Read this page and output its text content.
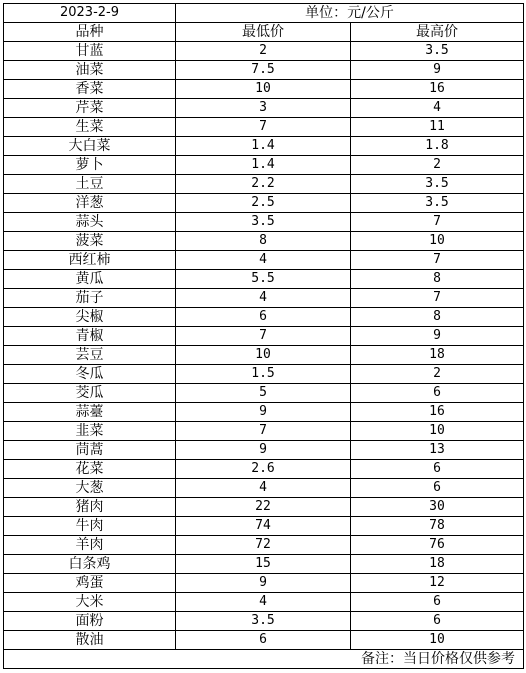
2023-2-9	单位：元/公斤	
品种	最低价	最高价
甘蓝	2	3.5
油菜	7.5	9
香菜	10	16
芹菜	3	4
生菜	7	11
大白菜	1.4	1.8
萝卜	1.4	2
土豆	2.2	3.5
洋葱	2.5	3.5
蒜头	3.5	7
菠菜	8	10
西红柿	4	7
黄瓜	5.5	8
茄子	4	7
尖椒	6	8
青椒	7	9
芸豆	10	18
冬瓜	1.5	2
茭瓜	5	6
蒜薹	9	16
韭菜	7	10
茼蒿	9	13
花菜	2.6	6
大葱	4	6
猪肉	22	30
牛肉	74	78
羊肉	72	76
白条鸡	15	18
鸡蛋	9	12
大米	4	6
面粉	3.5	6
散油	6	10
备注：当日价格仅供参考		
